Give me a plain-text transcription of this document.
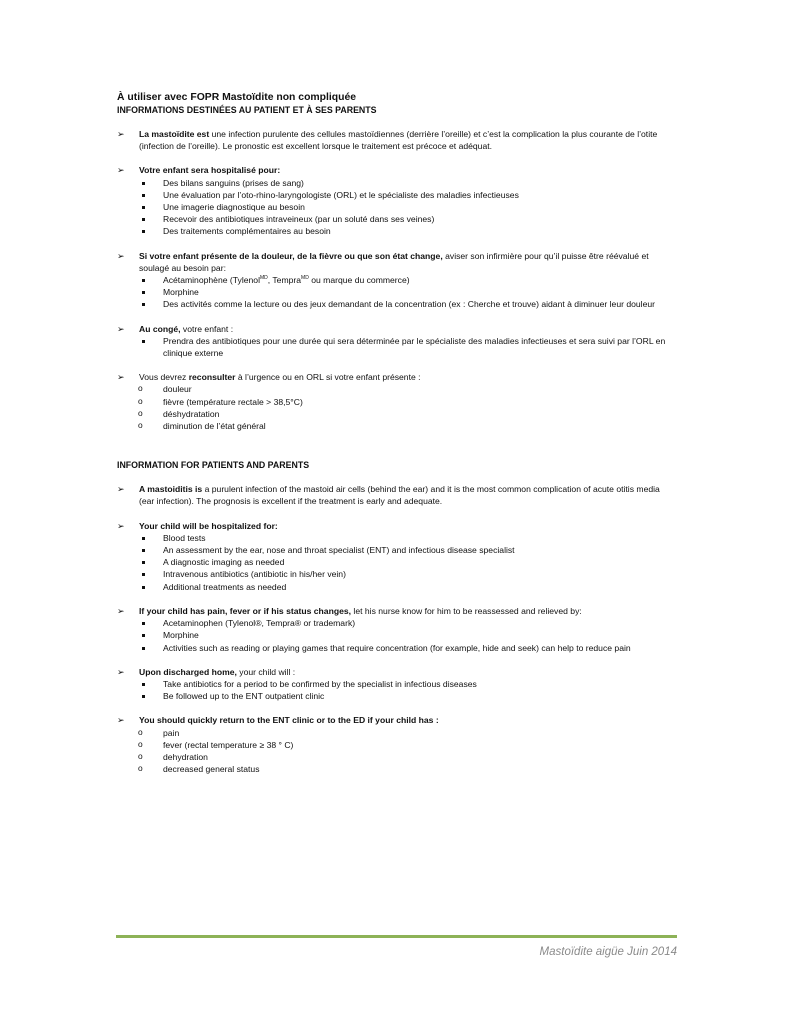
À utiliser avec FOPR Mastoïdite non compliquée
INFORMATIONS DESTINÉES AU PATIENT ET À SES PARENTS
➢ La mastoïdite est une infection purulente des cellules mastoïdiennes (derrière l’oreille) et c’est la complication la plus courante de l’otite (infection de l’oreille). Le pronostic est excellent lorsque le traitement est précoce et adéquat.
➢ Votre enfant sera hospitalisé pour:
Des bilans sanguins (prises de sang)
Une évaluation par l’oto-rhino-laryngologiste (ORL) et le spécialiste des maladies infectieuses
Une imagerie diagnostique au besoin
Recevoir des antibiotiques intraveineux (par un soluté dans ses veines)
Des traitements complémentaires au besoin
➢ Si votre enfant présente de la douleur, de la fièvre ou que son état change, aviser son infirmière pour qu’il puisse être réévalué et soulagé au besoin par:
Acétaminophène (Tylenol$^{MD}$, Tempra$^{MD}$ ou marque du commerce)
Morphine
Des activités comme la lecture ou des jeux demandant de la concentration (ex : Cherche et trouve) aidant à diminuer leur douleur
➢ Au congé, votre enfant :
Prendra des antibiotiques pour une durée qui sera déterminée par le spécialiste des maladies infectieuses et sera suivi par l’ORL en clinique externe
➢ Vous devrez reconsulter à l’urgence ou en ORL si votre enfant présente :
o douleur
o fièvre (température rectale > 38,5°C)
o déshydratation
o diminution de l’état général
INFORMATION FOR PATIENTS AND PARENTS
➢ A mastoiditis is a purulent infection of the mastoid air cells (behind the ear) and it is the most common complication of acute otitis media (ear infection). The prognosis is excellent if the treatment is early and adequate.
➢ Your child will be hospitalized for:
Blood tests
An assessment by the ear, nose and throat specialist (ENT) and infectious disease specialist
A diagnostic imaging as needed
Intravenous antibiotics (antibiotic in his/her vein)
Additional treatments as needed
➢ If your child has pain, fever or if his status changes, let his nurse know for him to be reassessed and relieved by:
Acetaminophen (Tylenol®, Tempra® or trademark)
Morphine
Activities such as reading or playing games that require concentration (for example, hide and seek) can help to reduce pain
➢ Upon discharged home, your child will :
Take antibiotics for a period to be confirmed by the specialist in infectious diseases
Be followed up to the ENT outpatient clinic
➢ You should quickly return to the ENT clinic or to the ED if your child has :
o pain
o fever (rectal temperature ≥ 38 ° C)
o dehydration
o decreased general status
Mastoïdite aigüe Juin 2014
